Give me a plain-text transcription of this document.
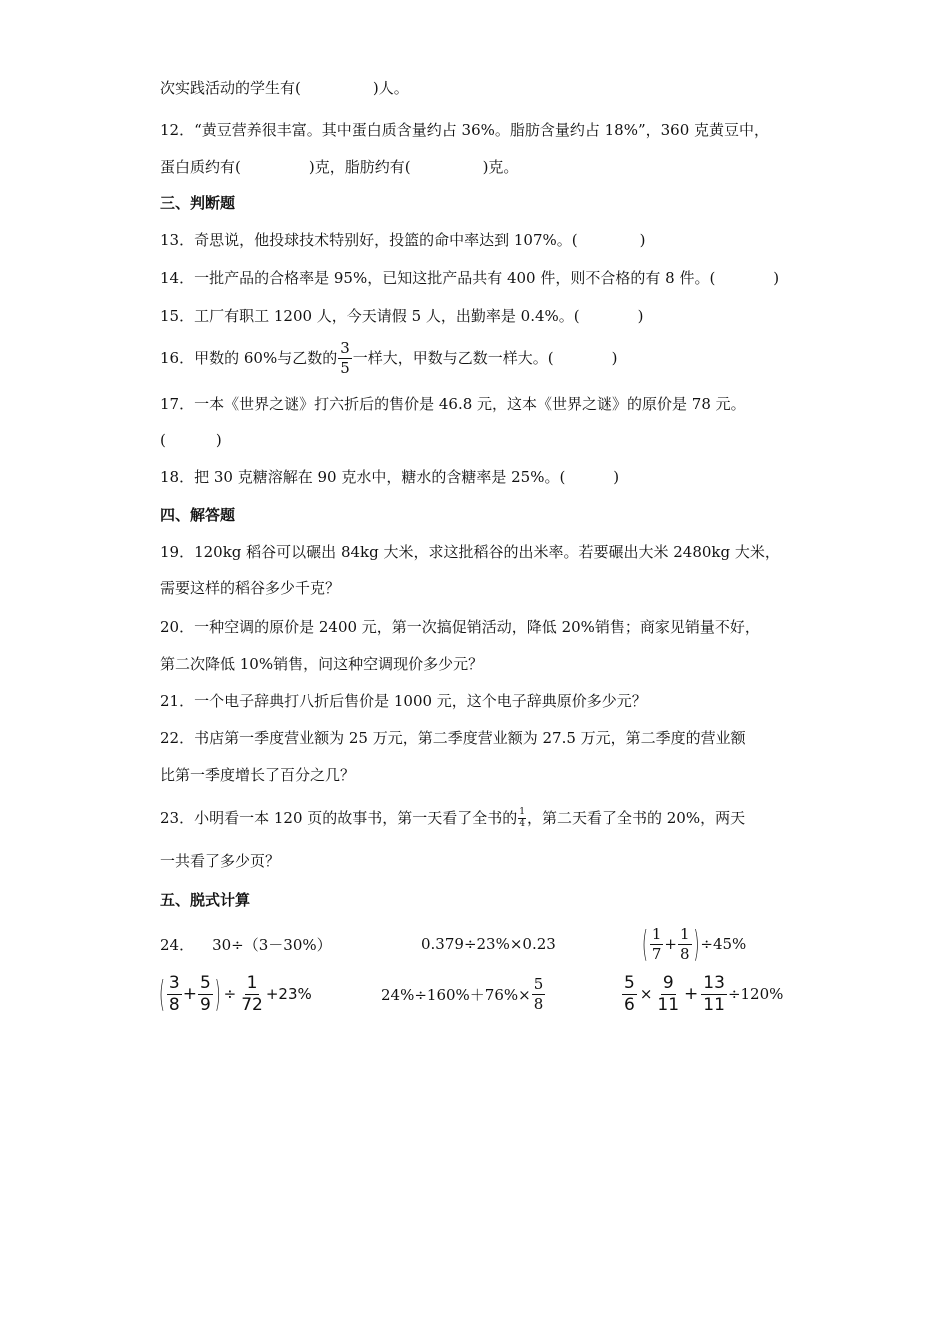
次实践活动的学生有(	)人。
12．“黄豆营养很丰富。其中蛋白质含量约占 36%。脂肪含量约占 18%”，360 克黄豆中，
蛋白质约有(	)克，脂肪约有(	)克。
三、判断题
13．奇思说，他投球技术特别好，投篮的命中率达到 107%。(	)
14．一批产品的合格率是 95%，已知这批产品共有 400 件，则不合格的有 8 件。(	)
15．工厂有职工 1200 人，今天请假 5 人，出勤率是 0.4%。(	)
16．甲数的 60%与乙数的 $\frac{3}{5}$ 一样大，甲数与乙数一样大。(	)
17．一本《世界之谜》打六折后的售价是 46.8 元，这本《世界之谜》的原价是 78 元。
(	)
18．把 30 克糖溶解在 90 克水中，糖水的含糖率是 25%。(	)
四、解答题
19．120kg 稻谷可以碾出 84kg 大米，求这批稻谷的出米率。若要碾出大米 2480kg 大米，
需要这样的稻谷多少千克？
20．一种空调的原价是 2400 元，第一次搞促销活动，降低 20%销售；商家见销量不好，
第二次降低 10%销售，问这种空调现价多少元？
21．一个电子辞典打八折后售价是 1000 元，这个电子辞典原价多少元？
22．书店第一季度营业额为 25 万元，第二季度营业额为 27.5 万元，第二季度的营业额
比第一季度增长了百分之几？
23．小明看一本 120 页的故事书，第一天看了全书的 $\frac{1}{4}$ ，第二天看了全书的 20%，两天
一共看了多少页？
五、脱式计算
24． 30÷（3－30%）	0.379÷23%×0.23	( $\frac{1}{7} + \frac{1}{8}$ ) ÷45%
( $\frac{3}{8} + \frac{5}{9}$ ) ÷ $\frac{1}{72} +23\%$	$24\%\div 160\%+76\%\times \frac{5}{8}$	$\frac{5}{6} \times \frac{9}{11} + \frac{13}{11} \div 120\%$
